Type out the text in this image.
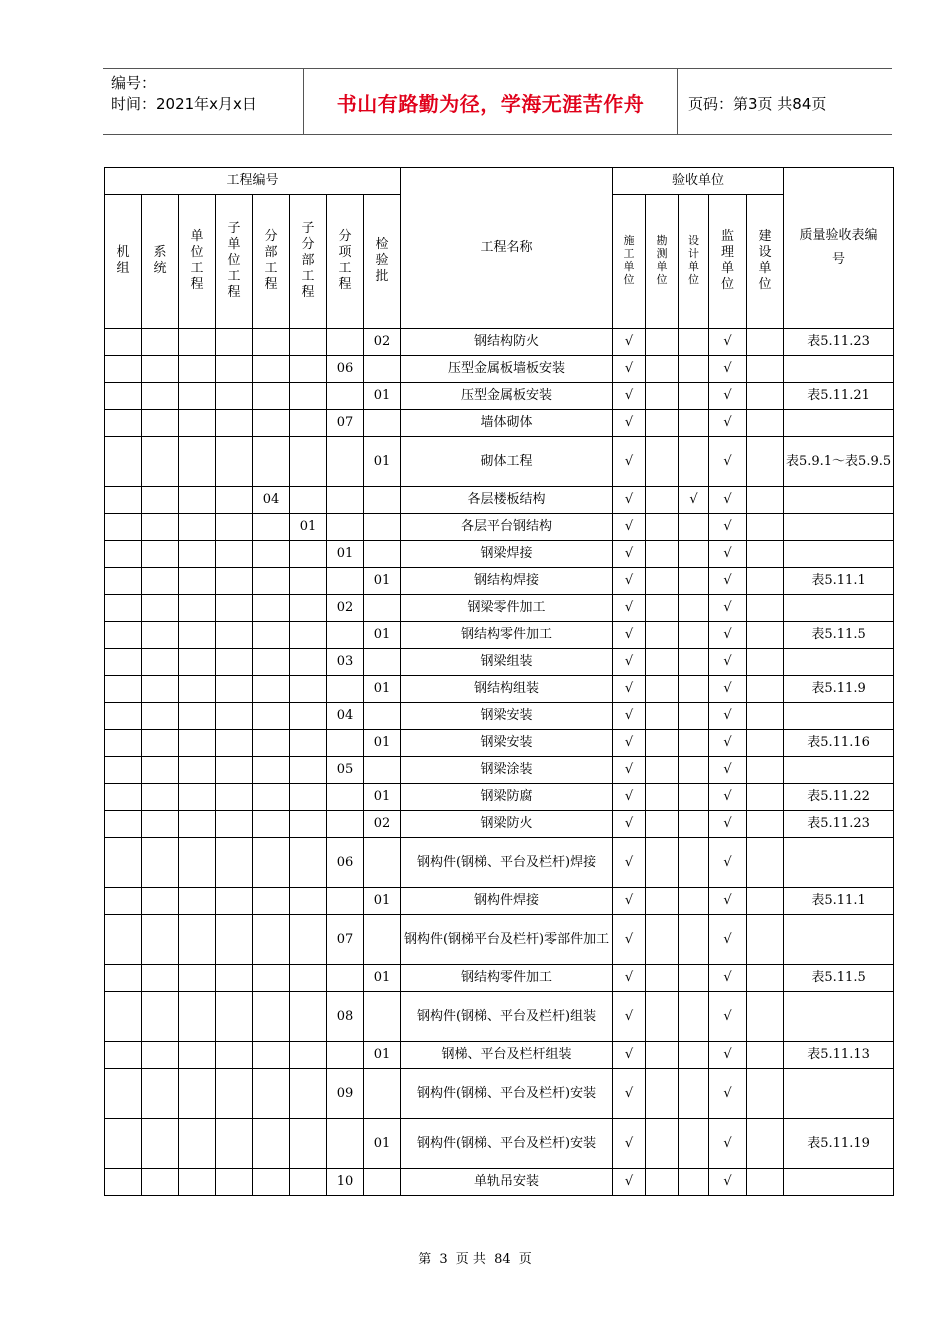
编号：
时间：2021年x月x日	书山有路勤为径，学海无涯苦作舟	页码：第3页 共84页
工程编号								工程名称	验收单位					质量验收表编号

机组	系统	单位工程	子单位工程	分部工程	子分部工程	分项工程	检验批		施工单位	勘测单位	设计单位	监理单位	建设单位	
							02	钢结构防火	√			√		表5.11.23
						06		压型金属板墙板安装	√			√		
							01	压型金属板安装	√			√		表5.11.21
						07		墙体砌体	√			√		
							01	砌体工程	√			√		表5.9.1～表5.9.5
				04				各层楼板结构	√		√	√		
					01			各层平台钢结构	√			√		
						01		钢梁焊接	√			√		
							01	钢结构焊接	√			√		表5.11.1
						02		钢梁零件加工	√			√		
							01	钢结构零件加工	√			√		表5.11.5
						03		钢梁组装	√			√		
							01	钢结构组装	√			√		表5.11.9
						04		钢梁安装	√			√		
							01	钢梁安装	√			√		表5.11.16
						05		钢梁涂装	√			√		
							01	钢梁防腐	√			√		表5.11.22
							02	钢梁防火	√			√		表5.11.23
						06		钢构件(钢梯、平台及栏杆)焊接	√			√		
							01	钢构件焊接	√			√		表5.11.1
						07		钢构件(钢梯平台及栏杆)零部件加工	√			√		
							01	钢结构零件加工	√			√		表5.11.5
						08		钢构件(钢梯、平台及栏杆)组装	√			√		
							01	钢梯、平台及栏杆组装	√			√		表5.11.13
						09		钢构件(钢梯、平台及栏杆)安装	√			√		
							01	钢构件(钢梯、平台及栏杆)安装	√			√		表5.11.19
						10		单轨吊安装	√			√		
第 3 页 共 84 页
